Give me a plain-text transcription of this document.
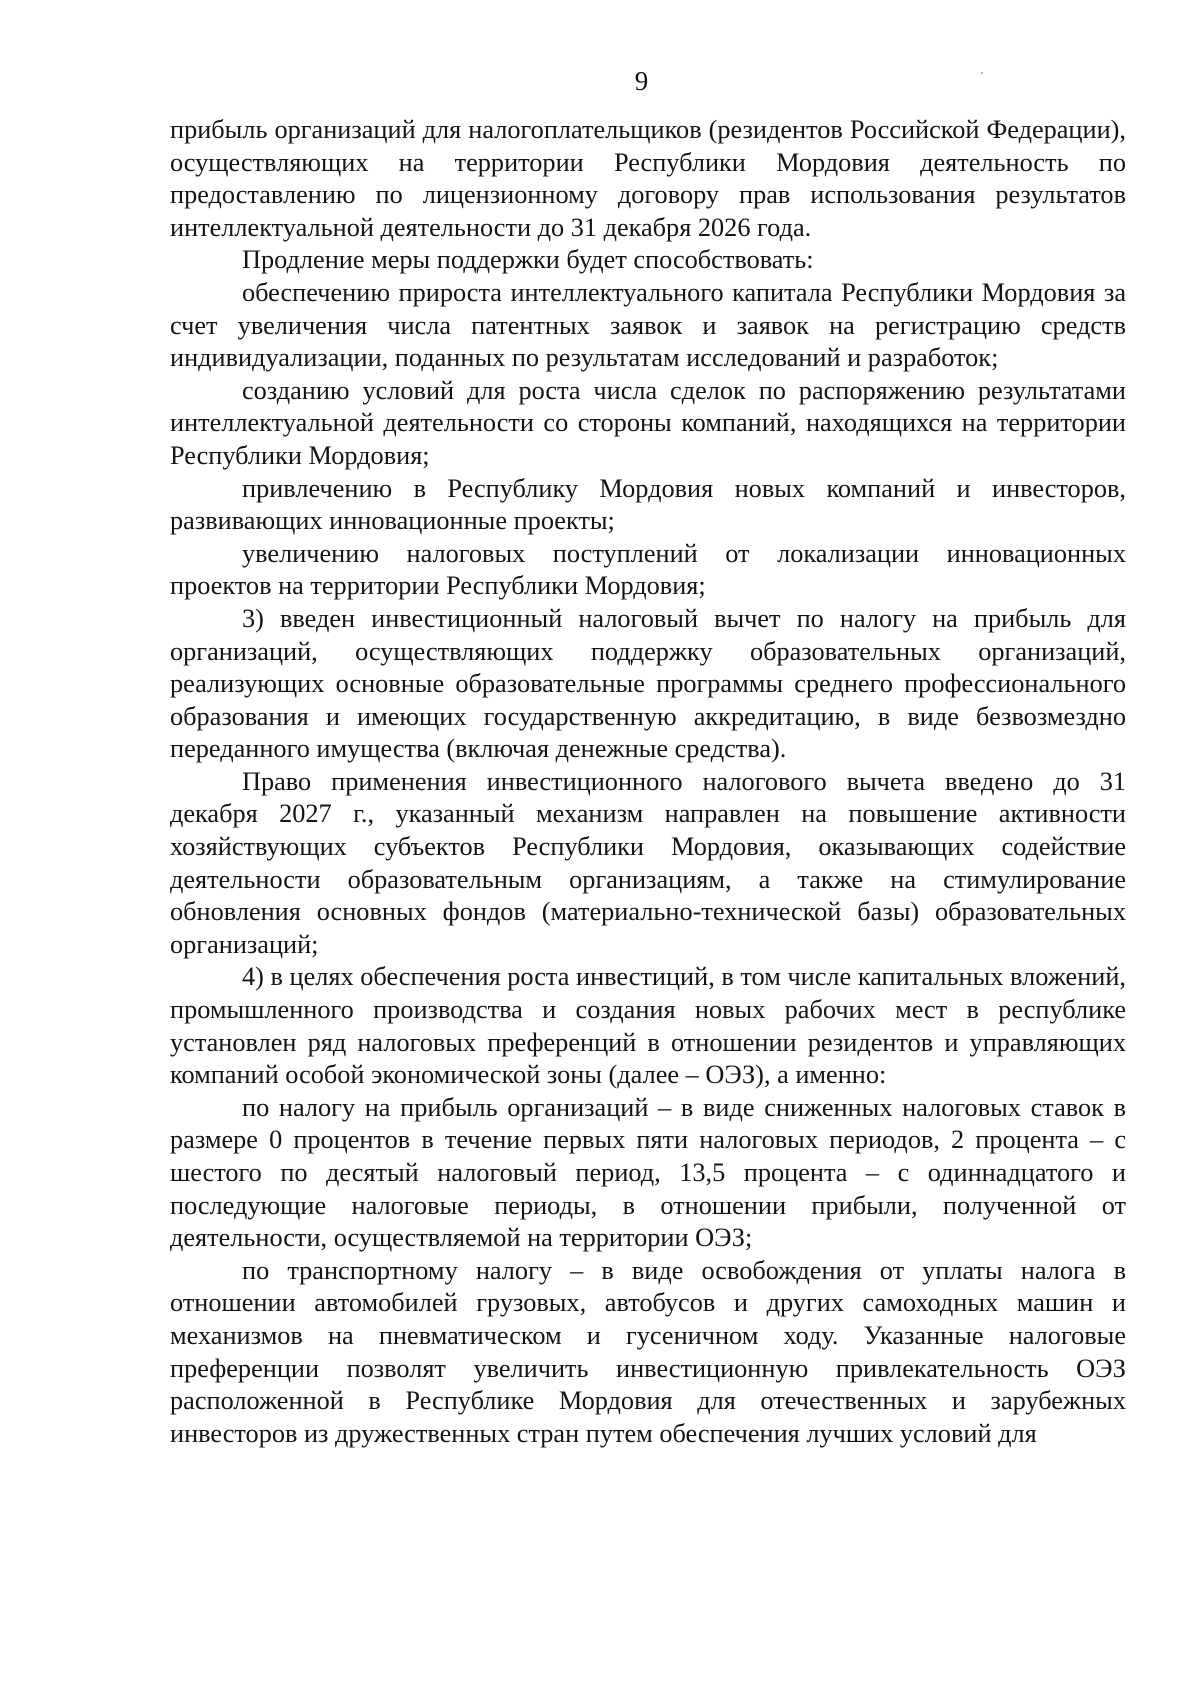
9

прибыль организаций для налогоплательщиков (резидентов Российской Федерации), осуществляющих на территории Республики Мордовия деятельность по предоставлению по лицензионному договору прав использования результатов интеллектуальной деятельности до 31 декабря 2026 года.

Продление меры поддержки будет способствовать:

обеспечению прироста интеллектуального капитала Республики Мордовия за счет увеличения числа патентных заявок и заявок на регистрацию средств индивидуализации, поданных по результатам исследований и разработок;

созданию условий для роста числа сделок по распоряжению результатами интеллектуальной деятельности со стороны компаний, находящихся на территории Республики Мордовия;

привлечению в Республику Мордовия новых компаний и инвесторов, развивающих инновационные проекты;

увеличению налоговых поступлений от локализации инновационных проектов на территории Республики Мордовия;

3) введен инвестиционный налоговый вычет по налогу на прибыль для организаций, осуществляющих поддержку образовательных организаций, реализующих основные образовательные программы среднего профессионального образования и имеющих государственную аккредитацию, в виде безвозмездно переданного имущества (включая денежные средства).

Право применения инвестиционного налогового вычета введено до 31 декабря 2027 г., указанный механизм направлен на повышение активности хозяйствующих субъектов Республики Мордовия, оказывающих содействие деятельности образовательным организациям, а также на стимулирование обновления основных фондов (материально-технической базы) образовательных организаций;

4) в целях обеспечения роста инвестиций, в том числе капитальных вложений, промышленного производства и создания новых рабочих мест в республике установлен ряд налоговых преференций в отношении резидентов и управляющих компаний особой экономической зоны (далее – ОЭЗ), а именно:

по налогу на прибыль организаций – в виде сниженных налоговых ставок в размере 0 процентов в течение первых пяти налоговых периодов, 2 процента – с шестого по десятый налоговый период, 13,5 процента – с одиннадцатого и последующие налоговые периоды, в отношении прибыли, полученной от деятельности, осуществляемой на территории ОЭЗ;

по транспортному налогу – в виде освобождения от уплаты налога в отношении автомобилей грузовых, автобусов и других самоходных машин и механизмов на пневматическом и гусеничном ходу. Указанные налоговые преференции позволят увеличить инвестиционную привлекательность ОЭЗ расположенной в Республике Мордовия для отечественных и зарубежных инвесторов из дружественных стран путем обеспечения лучших условий для
